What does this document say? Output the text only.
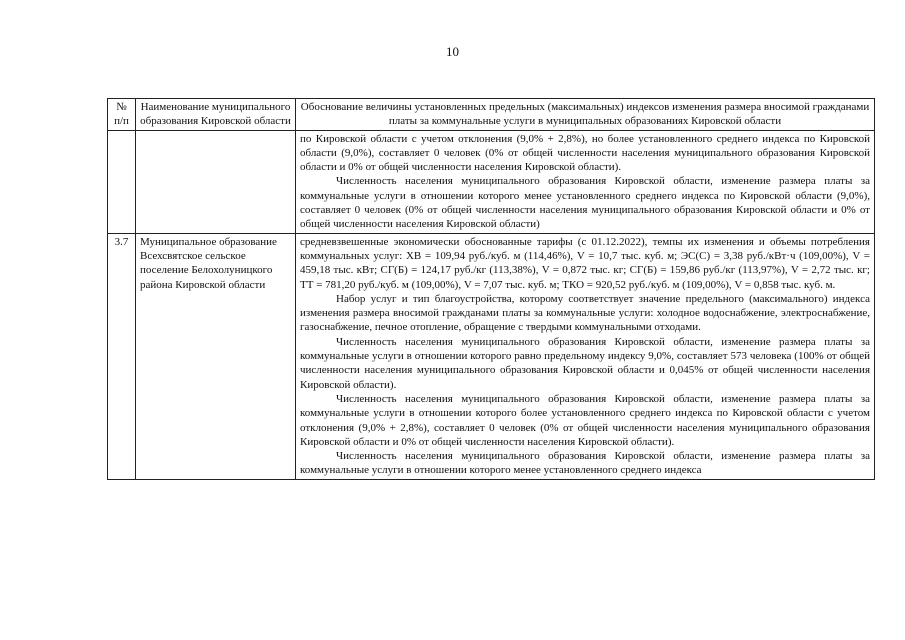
10
№ п/п	Наименование муниципального образования Кировской области	Обоснование величины установленных предельных (максимальных) индексов изменения размера вносимой гражданами платы за коммунальные услуги в муниципальных образованиях Кировской области

		по Кировской области с учетом отклонения (9,0% + 2,8%), но более установленного среднего индекса по Кировской области (9,0%), составляет 0 человек (0% от общей численности населения муниципального образования Кировской области и 0% от общей численности населения Кировской области).

Численность населения муниципального образования Кировской области, изменение размера платы за коммунальные услуги в отношении которого менее установленного среднего индекса по Кировской области (9,0%), составляет 0 человек (0% от общей численности населения муниципального образования Кировской области и 0% от общей численности населения Кировской области)

3.7	Муниципальное образование Всехсвятское сельское поселение Белохолуницкого района Кировской области	средневзвешенные экономически обоснованные тарифы (с 01.12.2022), темпы их изменения и объемы потребления коммунальных услуг: ХВ = 109,94 руб./куб. м (114,46%), V = 10,7 тыс. куб. м; ЭС(С) = 3,38 руб./кВт·ч (109,00%), V = 459,18 тыс. кВт; СГ(Б) = 124,17 руб./кг (113,38%), V = 0,872 тыс. кг; СГ(Б) = 159,86 руб./кг (113,97%), V = 2,72 тыс. кг; ТТ = 781,20 руб./куб. м (109,00%), V = 7,07 тыс. куб. м; ТКО = 920,52 руб./куб. м (109,00%), V = 0,858 тыс. куб. м.

Набор услуг и тип благоустройства, которому соответствует значение предельного (максимального) индекса изменения размера вносимой гражданами платы за коммунальные услуги: холодное водоснабжение, электроснабжение, газоснабжение, печное отопление, обращение с твердыми коммунальными отходами.

Численность населения муниципального образования Кировской области, изменение размера платы за коммунальные услуги в отношении которого равно предельному индексу 9,0%, составляет 573 человека (100% от общей численности населения муниципального образования Кировской области и 0,045% от общей численности населения Кировской области).

Численность населения муниципального образования Кировской области, изменение размера платы за коммунальные услуги в отношении которого более установленного среднего индекса по Кировской области с учетом отклонения (9,0% + 2,8%), составляет 0 человек (0% от общей численности населения муниципального образования Кировской области и 0% от общей численности населения Кировской области).

Численность населения муниципального образования Кировской области, изменение размера платы за коммунальные услуги в отношении которого менее установленного среднего индекса
